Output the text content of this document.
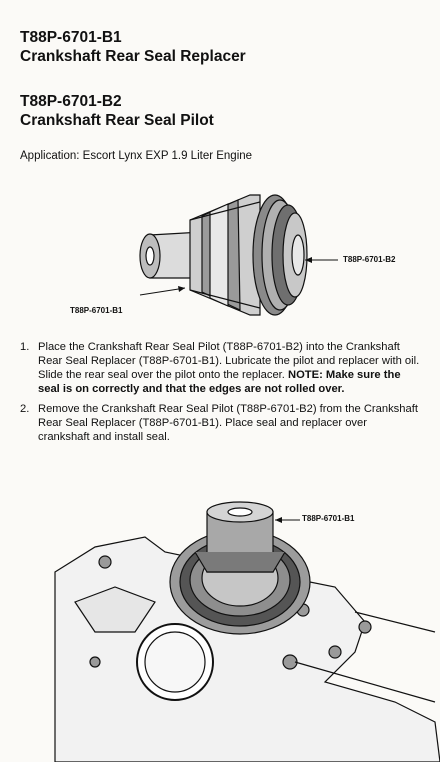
T88P-6701-B1
Crankshaft Rear Seal Replacer
T88P-6701-B2
Crankshaft Rear Seal Pilot
Application: Escort Lynx EXP 1.9 Liter Engine
T88P-6701-B2
T88P-6701-B1
1. Place the Crankshaft Rear Seal Pilot (T88P-6701-B2) into the Crankshaft Rear Seal Replacer (T88P-6701-B1). Lubricate the pilot and replacer with oil. Slide the rear seal over the pilot onto the replacer. NOTE: Make sure the seal is on correctly and that the edges are not rolled over.
2. Remove the Crankshaft Rear Seal Pilot (T88P-6701-B2) from the Crankshaft Rear Seal Replacer (T88P-6701-B1). Place seal and replacer over crankshaft and install seal.
T88P-6701-B1
